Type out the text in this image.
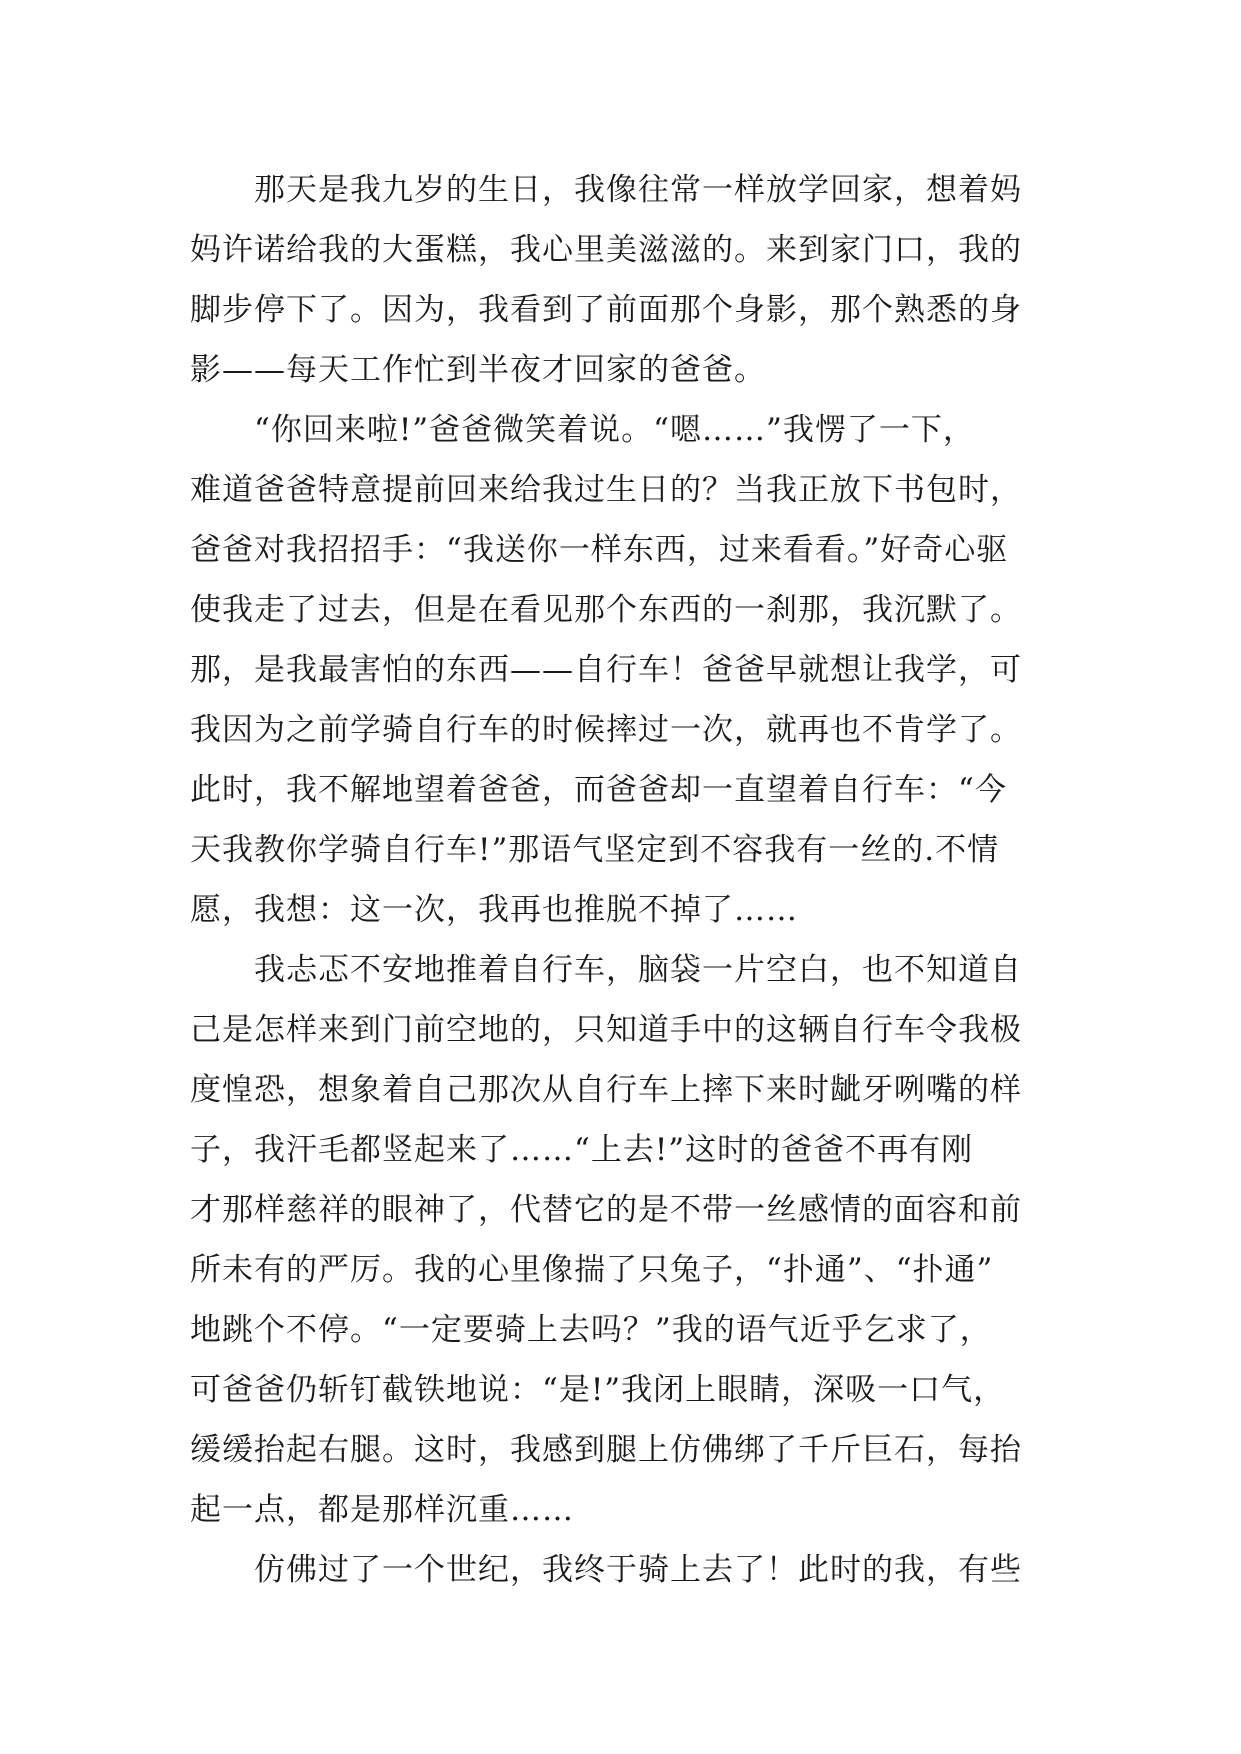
　　那天是我九岁的生日，我像往常一样放学回家，想着妈
妈许诺给我的大蛋糕，我心里美滋滋的。来到家门口，我的
脚步停下了。因为，我看到了前面那个身影，那个熟悉的身
影——每天工作忙到半夜才回家的爸爸。
　　“你回来啦!”爸爸微笑着说。“嗯……”我愣了一下，
难道爸爸特意提前回来给我过生日的？当我正放下书包时，
爸爸对我招招手：“我送你一样东西，过来看看。”好奇心驱
使我走了过去，但是在看见那个东西的一刹那，我沉默了。
那，是我最害怕的东西——自行车！爸爸早就想让我学，可
我因为之前学骑自行车的时候摔过一次，就再也不肯学了。
此时，我不解地望着爸爸，而爸爸却一直望着自行车：“今
天我教你学骑自行车!”那语气坚定到不容我有一丝的.不情
愿，我想：这一次，我再也推脱不掉了……
　　我忐忑不安地推着自行车，脑袋一片空白，也不知道自
己是怎样来到门前空地的，只知道手中的这辆自行车令我极
度惶恐，想象着自己那次从自行车上摔下来时龇牙咧嘴的样
子，我汗毛都竖起来了……“上去!”这时的爸爸不再有刚
才那样慈祥的眼神了，代替它的是不带一丝感情的面容和前
所未有的严厉。我的心里像揣了只兔子，“扑通”、“扑通”
地跳个不停。“一定要骑上去吗？”我的语气近乎乞求了，
可爸爸仍斩钉截铁地说：“是!”我闭上眼睛，深吸一口气，
缓缓抬起右腿。这时，我感到腿上仿佛绑了千斤巨石，每抬
起一点，都是那样沉重……
　　仿佛过了一个世纪，我终于骑上去了！此时的我，有些
